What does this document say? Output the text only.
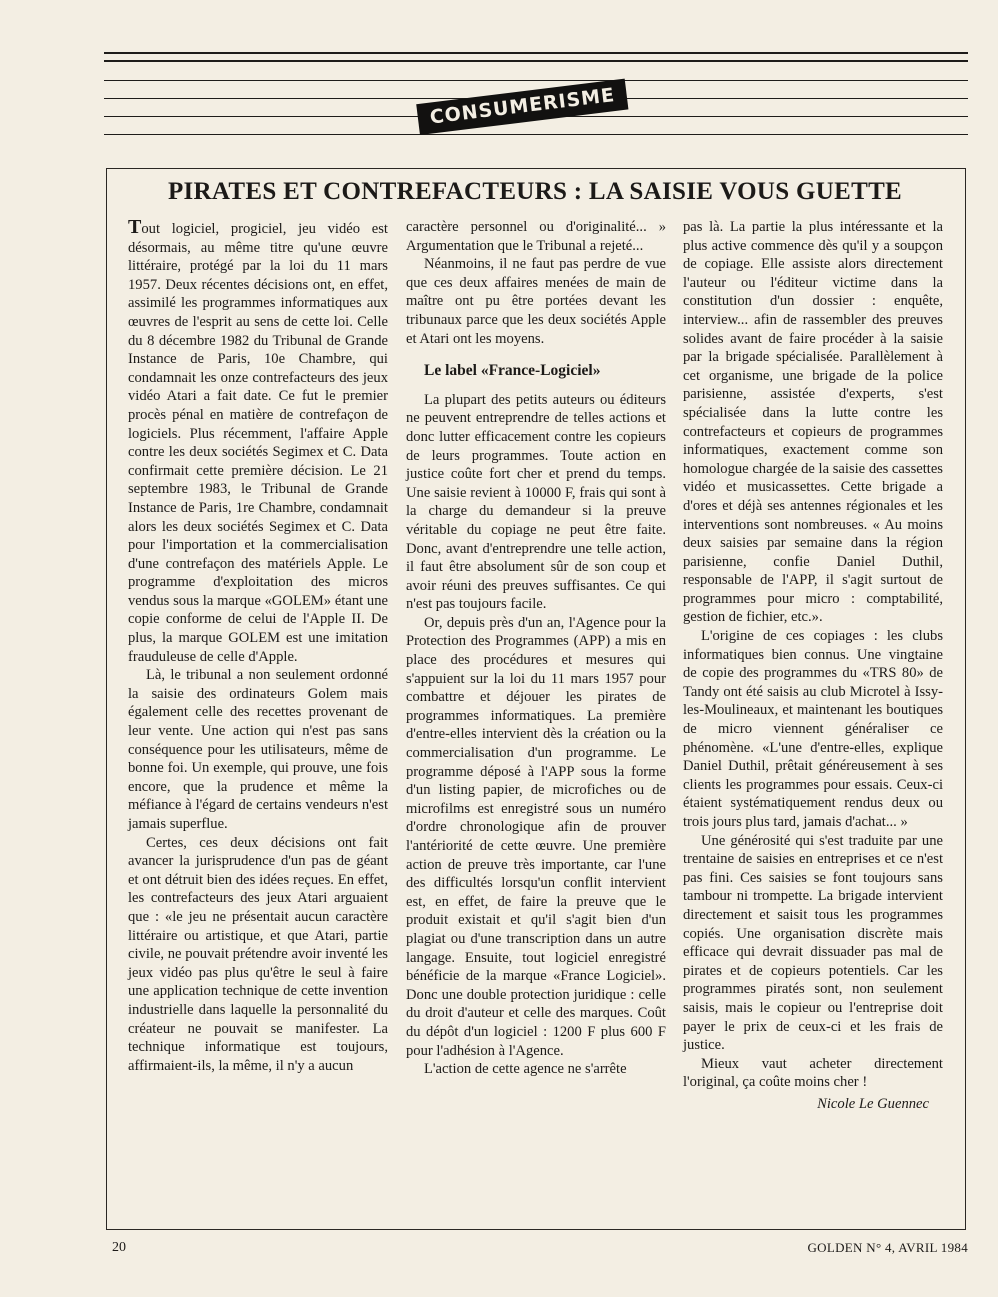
CONSUMERISME
PIRATES ET CONTREFACTEURS : LA SAISIE VOUS GUETTE

Tout logiciel, progiciel, jeu vidéo est désormais, au même titre qu'une œuvre littéraire, protégé par la loi du 11 mars 1957. Deux récentes décisions ont, en effet, assimilé les programmes informatiques aux œuvres de l'esprit au sens de cette loi. Celle du 8 décembre 1982 du Tribunal de Grande Instance de Paris, 10e Chambre, qui condamnait les onze contrefacteurs des jeux vidéo Atari a fait date. Ce fut le premier procès pénal en matière de contrefaçon de logiciels. Plus récemment, l'affaire Apple contre les deux sociétés Segimex et C. Data confirmait cette première décision. Le 21 septembre 1983, le Tribunal de Grande Instance de Paris, 1re Chambre, condamnait alors les deux sociétés Segimex et C. Data pour l'importation et la commercialisation d'une contrefaçon des matériels Apple. Le programme d'exploitation des micros vendus sous la marque «GOLEM» étant une copie conforme de celui de l'Apple II. De plus, la marque GOLEM est une imitation frauduleuse de celle d'Apple.

Là, le tribunal a non seulement ordonné la saisie des ordinateurs Golem mais également celle des recettes provenant de leur vente. Une action qui n'est pas sans conséquence pour les utilisateurs, même de bonne foi. Un exemple, qui prouve, une fois encore, que la prudence et même la méfiance à l'égard de certains vendeurs n'est jamais superflue.

Certes, ces deux décisions ont fait avancer la jurisprudence d'un pas de géant et ont détruit bien des idées reçues. En effet, les contrefacteurs des jeux Atari arguaient que : «le jeu ne présentait aucun caractère littéraire ou artistique, et que Atari, partie civile, ne pouvait prétendre avoir inventé les jeux vidéo pas plus qu'être le seul à faire une application technique de cette invention industrielle dans laquelle la personnalité du créateur ne pouvait se manifester. La technique informatique est toujours, affirmaient-ils, la même, il n'y a aucun

caractère personnel ou d'originalité... » Argumentation que le Tribunal a rejeté...

Néanmoins, il ne faut pas perdre de vue que ces deux affaires menées de main de maître ont pu être portées devant les tribunaux parce que les deux sociétés Apple et Atari ont les moyens.

Le label «France-Logiciel»

La plupart des petits auteurs ou éditeurs ne peuvent entreprendre de telles actions et donc lutter efficacement contre les copieurs de leurs programmes. Toute action en justice coûte fort cher et prend du temps. Une saisie revient à 10000 F, frais qui sont à la charge du demandeur si la preuve véritable du copiage ne peut être faite. Donc, avant d'entreprendre une telle action, il faut être absolument sûr de son coup et avoir réuni des preuves suffisantes. Ce qui n'est pas toujours facile.

Or, depuis près d'un an, l'Agence pour la Protection des Programmes (APP) a mis en place des procédures et mesures qui s'appuient sur la loi du 11 mars 1957 pour combattre et déjouer les pirates de programmes informatiques. La première d'entre-elles intervient dès la création ou la commercialisation d'un programme. Le programme déposé à l'APP sous la forme d'un listing papier, de microfiches ou de microfilms est enregistré sous un numéro d'ordre chronologique afin de prouver l'antériorité de cette œuvre. Une première action de preuve très importante, car l'une des difficultés lorsqu'un conflit intervient est, en effet, de faire la preuve que le produit existait et qu'il s'agit bien d'un plagiat ou d'une transcription dans un autre langage. Ensuite, tout logiciel enregistré bénéficie de la marque «France Logiciel». Donc une double protection juridique : celle du droit d'auteur et celle des marques. Coût du dépôt d'un logiciel : 1200 F plus 600 F pour l'adhésion à l'Agence.

L'action de cette agence ne s'arrête

pas là. La partie la plus intéressante et la plus active commence dès qu'il y a soupçon de copiage. Elle assiste alors directement l'auteur ou l'éditeur victime dans la constitution d'un dossier : enquête, interview... afin de rassembler des preuves solides avant de faire procéder à la saisie par la brigade spécialisée. Parallèlement à cet organisme, une brigade de la police parisienne, assistée d'experts, s'est spécialisée dans la lutte contre les contrefacteurs et copieurs de programmes informatiques, exactement comme son homologue chargée de la saisie des cassettes vidéo et musicassettes. Cette brigade a d'ores et déjà ses antennes régionales et les interventions sont nombreuses. « Au moins deux saisies par semaine dans la région parisienne, confie Daniel Duthil, responsable de l'APP, il s'agit surtout de programmes pour micro : comptabilité, gestion de fichier, etc.».

L'origine de ces copiages : les clubs informatiques bien connus. Une vingtaine de copie des programmes du «TRS 80» de Tandy ont été saisis au club Microtel à Issy-les-Moulineaux, et maintenant les boutiques de micro viennent généraliser ce phénomène. «L'une d'entre-elles, explique Daniel Duthil, prêtait généreusement à ses clients les programmes pour essais. Ceux-ci étaient systématiquement rendus deux ou trois jours plus tard, jamais d'achat... »

Une générosité qui s'est traduite par une trentaine de saisies en entreprises et ce n'est pas fini. Ces saisies se font toujours sans tambour ni trompette. La brigade intervient directement et saisit tous les programmes copiés. Une organisation discrète mais efficace qui devrait dissuader pas mal de pirates et de copieurs potentiels. Car les programmes piratés sont, non seulement saisis, mais le copieur ou l'entreprise doit payer le prix de ceux-ci et les frais de justice.

Mieux vaut acheter directement l'original, ça coûte moins cher !

Nicole Le Guennec
20	GOLDEN N° 4, AVRIL 1984
